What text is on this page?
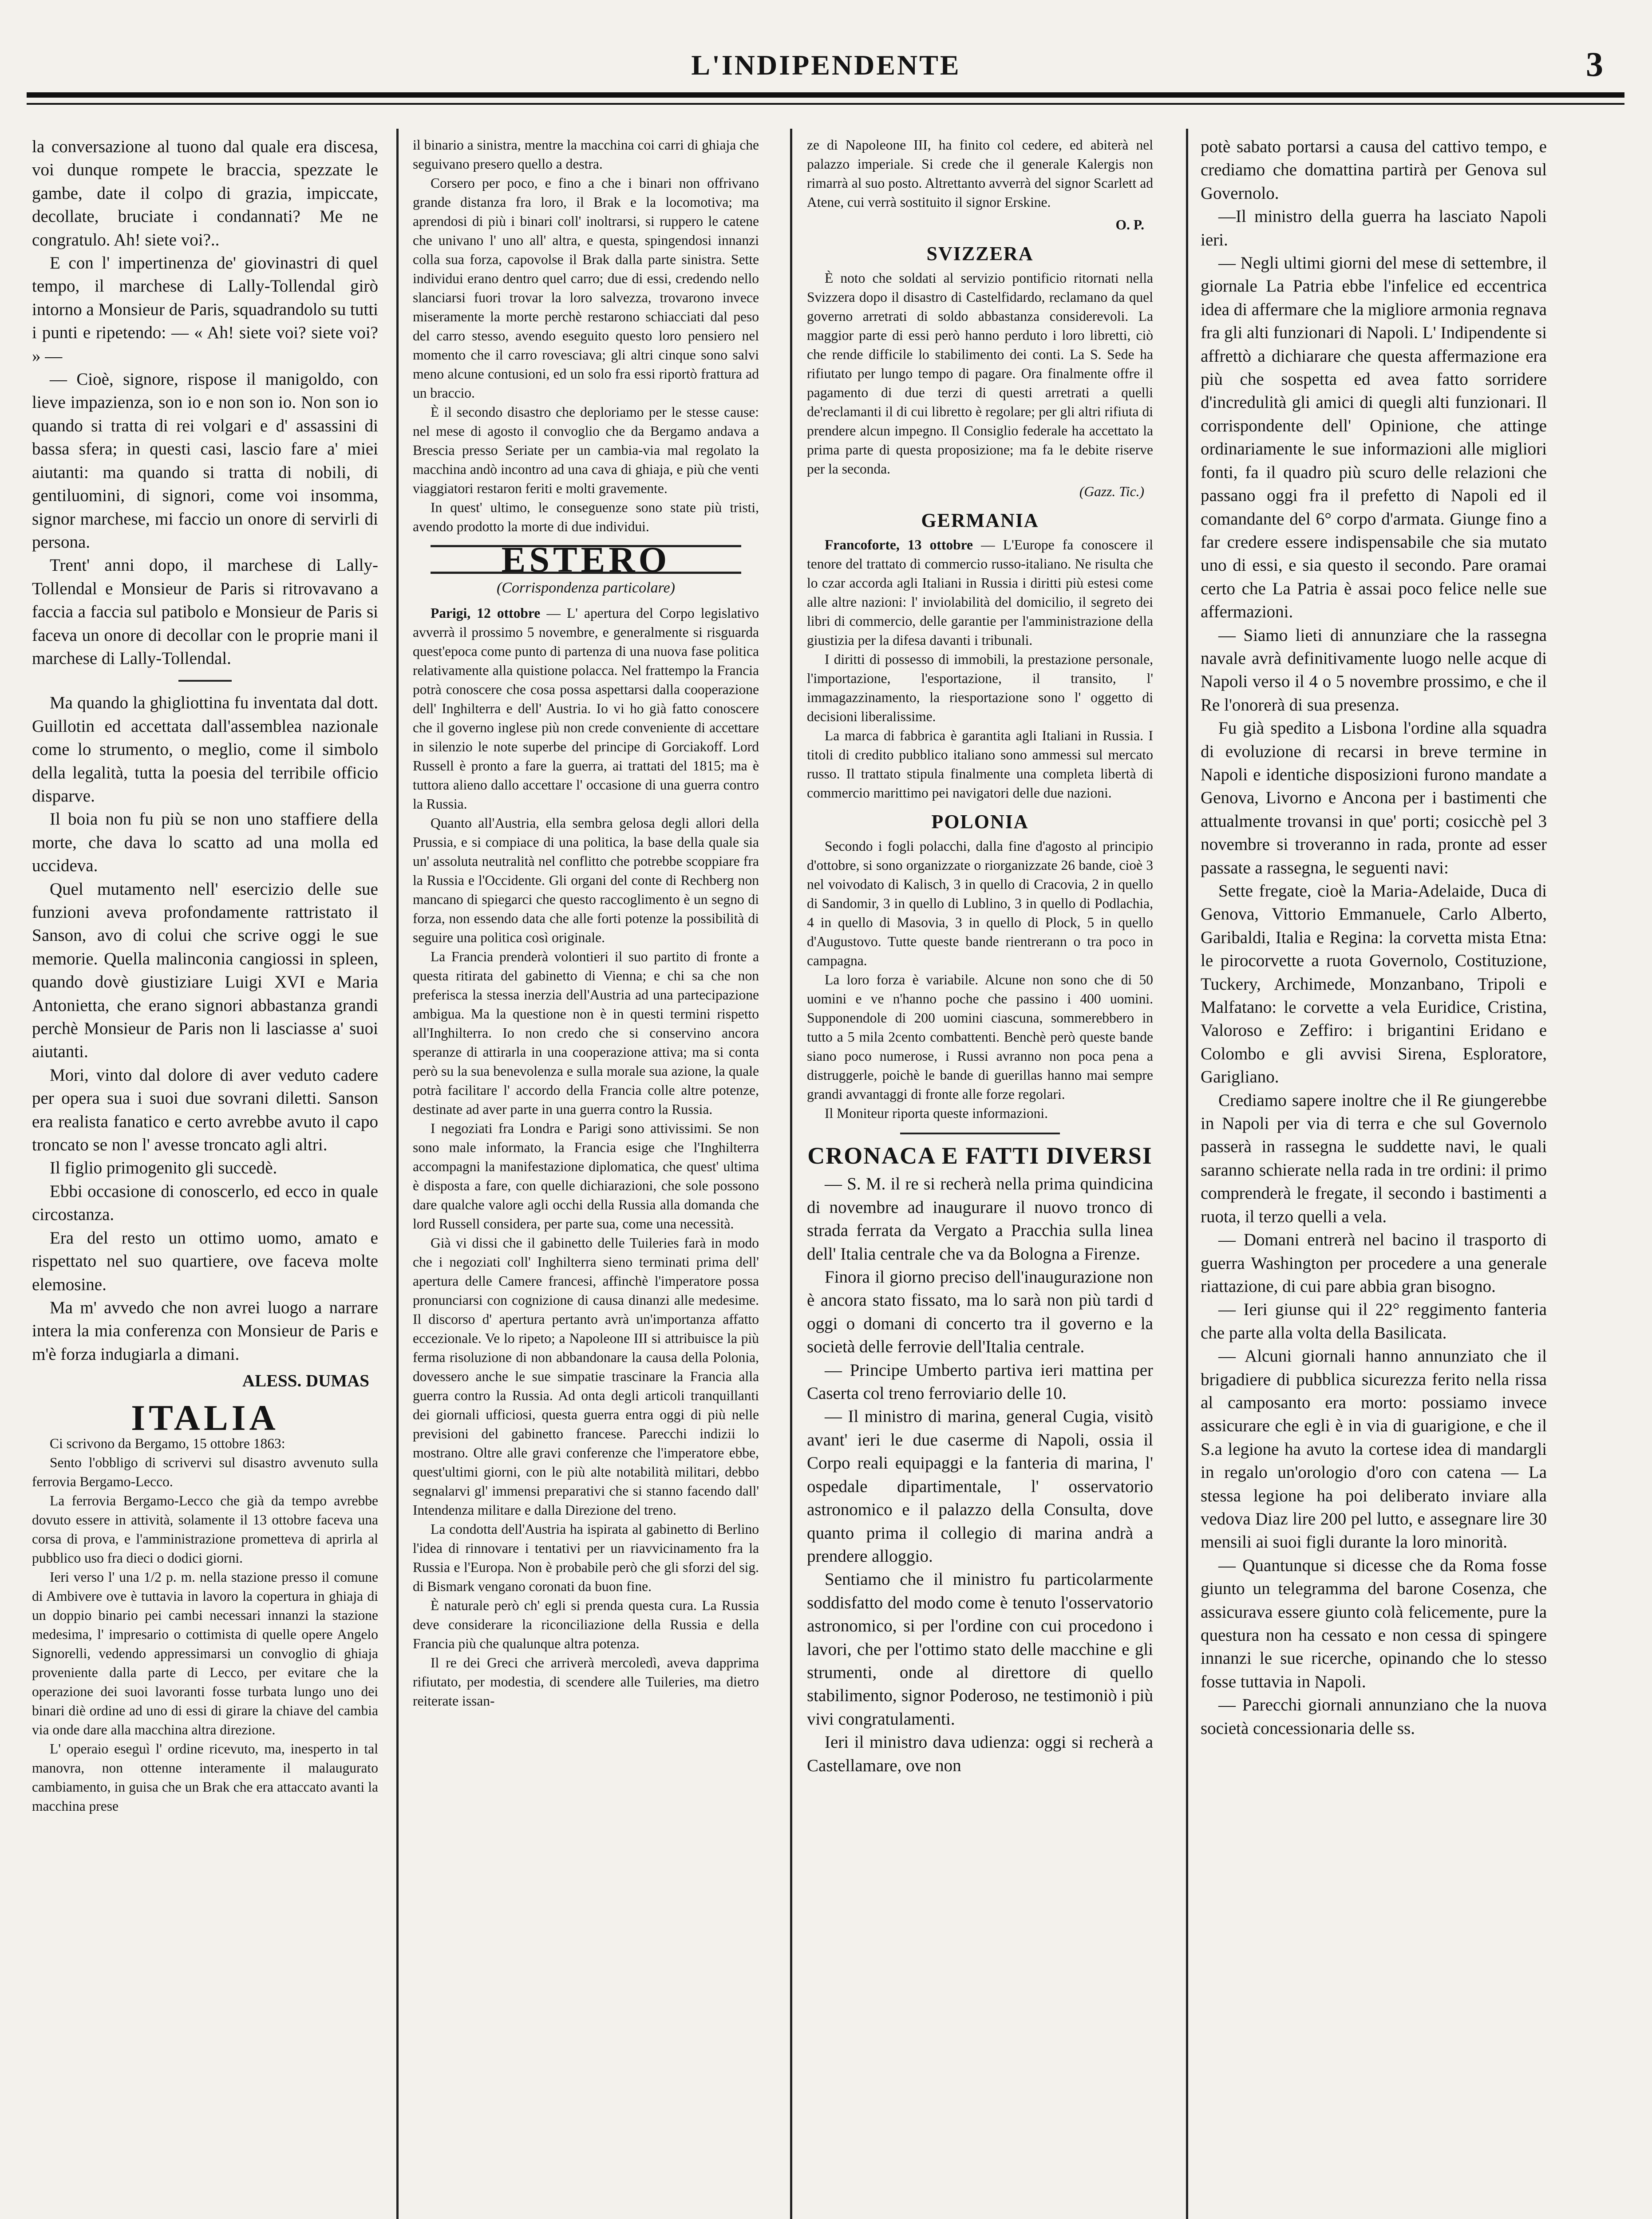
L'INDIPENDENTE	3

la conversazione al tuono dal quale era discesa, voi dunque rompete le braccia, spezzate le gambe, date il colpo di grazia, impiccate, decollate, bruciate i condannati? Me ne congratulo. Ah! siete voi?..

E con l' impertinenza de' giovinastri di quel tempo, il marchese di Lally-Tollendal girò intorno a Monsieur de Paris, squadrandolo su tutti i punti e ripetendo: — « Ah! siete voi? siete voi? » —

— Cioè, signore, rispose il manigoldo, con lieve impazienza, son io e non son io. Non son io quando si tratta di rei volgari e d' assassini di bassa sfera; in questi casi, lascio fare a' miei aiutanti: ma quando si tratta di nobili, di gentiluomini, di signori, come voi insomma, signor marchese, mi faccio un onore di servirli di persona.

Trent' anni dopo, il marchese di Lally-Tollendal e Monsieur de Paris si ritrovavano a faccia a faccia sul patibolo e Monsieur de Paris si faceva un onore di decollar con le proprie mani il marchese di Lally-Tollendal.

Ma quando la ghigliottina fu inventata dal dott. Guillotin ed accettata dall'assemblea nazionale come lo strumento, o meglio, come il simbolo della legalità, tutta la poesia del terribile officio disparve.

Il boia non fu più se non uno staffiere della morte, che dava lo scatto ad una molla ed uccideva.

Quel mutamento nell' esercizio delle sue funzioni aveva profondamente rattristato il Sanson, avo di colui che scrive oggi le sue memorie. Quella malinconia cangiossi in spleen, quando dovè giustiziare Luigi XVI e Maria Antonietta, che erano signori abbastanza grandi perchè Monsieur de Paris non li lasciasse a' suoi aiutanti.

Mori, vinto dal dolore di aver veduto cadere per opera sua i suoi due sovrani diletti. Sanson era realista fanatico e certo avrebbe avuto il capo troncato se non l' avesse troncato agli altri.

Il figlio primogenito gli succedè.

Ebbi occasione di conoscerlo, ed ecco in quale circostanza.

Era del resto un ottimo uomo, amato e rispettato nel suo quartiere, ove faceva molte elemosine.

Ma m' avvedo che non avrei luogo a narrare intera la mia conferenza con Monsieur de Paris e m'è forza indugiarla a dimani.

ALESS. DUMAS
ITALIA

Ci scrivono da Bergamo, 15 ottobre 1863:

Sento l'obbligo di scrivervi sul disastro avvenuto sulla ferrovia Bergamo-Lecco.

La ferrovia Bergamo-Lecco che già da tempo avrebbe dovuto essere in attività, solamente il 13 ottobre faceva una corsa di prova, e l'amministrazione prometteva di aprirla al pubblico uso fra dieci o dodici giorni.

Ieri verso l' una 1/2 p. m. nella stazione presso il comune di Ambivere ove è tuttavia in lavoro la copertura in ghiaja di un doppio binario pei cambi necessari innanzi la stazione medesima, l' impresario o cottimista di quelle opere Angelo Signorelli, vedendo appressimarsi un convoglio di ghiaja proveniente dalla parte di Lecco, per evitare che la operazione dei suoi lavoranti fosse turbata lungo uno dei binari diè ordine ad uno di essi di girare la chiave del cambia via onde dare alla macchina altra direzione.

L' operaio eseguì l' ordine ricevuto, ma, inesperto in tal manovra, non ottenne interamente il malaugurato cambiamento, in guisa che un Brak che era attaccato avanti la macchina prese

il binario a sinistra, mentre la macchina coi carri di ghiaja che seguivano presero quello a destra.

Corsero per poco, e fino a che i binari non offrivano grande distanza fra loro, il Brak e la locomotiva; ma aprendosi di più i binari coll' inoltrarsi, si ruppero le catene che univano l' uno all' altra, e questa, spingendosi innanzi colla sua forza, capovolse il Brak dalla parte sinistra. Sette individui erano dentro quel carro; due di essi, credendo nello slanciarsi fuori trovar la loro salvezza, trovarono invece miseramente la morte perchè restarono schiacciati dal peso del carro stesso, avendo eseguito questo loro pensiero nel momento che il carro rovesciava; gli altri cinque sono salvi meno alcune contusioni, ed un solo fra essi riportò frattura ad un braccio.

È il secondo disastro che deploriamo per le stesse cause: nel mese di agosto il convoglio che da Bergamo andava a Brescia presso Seriate per un cambia-via mal regolato la macchina andò incontro ad una cava di ghiaja, e più che venti viaggiatori restaron feriti e molti gravemente.

In quest' ultimo, le conseguenze sono state più tristi, avendo prodotto la morte di due individui.

ESTERO
(Corrispondenza particolare)

Parigi, 12 ottobre — L' apertura del Corpo legislativo avverrà il prossimo 5 novembre, e generalmente si risguarda quest'epoca come punto di partenza di una nuova fase politica relativamente alla quistione polacca. Nel frattempo la Francia potrà conoscere che cosa possa aspettarsi dalla cooperazione dell' Inghilterra e dell' Austria. Io vi ho già fatto conoscere che il governo inglese più non crede conveniente di accettare in silenzio le note superbe del principe di Gorciakoff. Lord Russell è pronto a fare la guerra, ai trattati del 1815; ma è tuttora alieno dallo accettare l' occasione di una guerra contro la Russia.

Quanto all'Austria, ella sembra gelosa degli allori della Prussia, e si compiace di una politica, la base della quale sia un' assoluta neutralità nel conflitto che potrebbe scoppiare fra la Russia e l'Occidente. Gli organi del conte di Rechberg non mancano di spiegarci che questo raccoglimento è un segno di forza, non essendo data che alle forti potenze la possibilità di seguire una politica così originale.

La Francia prenderà volontieri il suo partito di fronte a questa ritirata del gabinetto di Vienna; e chi sa che non preferisca la stessa inerzia dell'Austria ad una partecipazione ambigua. Ma la questione non è in questi termini rispetto all'Inghilterra. Io non credo che si conservino ancora speranze di attirarla in una cooperazione attiva; ma si conta però su la sua benevolenza e sulla morale sua azione, la quale potrà facilitare l' accordo della Francia colle altre potenze, destinate ad aver parte in una guerra contro la Russia.

I negoziati fra Londra e Parigi sono attivissimi. Se non sono male informato, la Francia esige che l'Inghilterra accompagni la manifestazione diplomatica, che quest' ultima è disposta a fare, con quelle dichiarazioni, che sole possono dare qualche valore agli occhi della Russia alla domanda che lord Russell considera, per parte sua, come una necessità.

Già vi dissi che il gabinetto delle Tuileries farà in modo che i negoziati coll' Inghilterra sieno terminati prima dell' apertura delle Camere francesi, affinchè l'imperatore possa pronunciarsi con cognizione di causa dinanzi alle medesime. Il discorso d' apertura pertanto avrà un'importanza affatto eccezionale. Ve lo ripeto; a Napoleone III si attribuisce la più ferma risoluzione di non abbandonare la causa della Polonia, dovessero anche le sue simpatie trascinare la Francia alla guerra contro la Russia. Ad onta degli articoli tranquillanti dei giornali ufficiosi, questa guerra entra oggi di più nelle previsioni del gabinetto francese. Parecchi indizii lo mostrano. Oltre alle gravi conferenze che l'imperatore ebbe, quest'ultimi giorni, con le più alte notabilità militari, debbo segnalarvi gl' immensi preparativi che si stanno facendo dall' Intendenza militare e dalla Direzione del treno.

La condotta dell'Austria ha ispirata al gabinetto di Berlino l'idea di rinnovare i tentativi per un riavvicinamento fra la Russia e l'Europa. Non è probabile però che gli sforzi del sig. di Bismark vengano coronati da buon fine.

È naturale però ch' egli si prenda questa cura. La Russia deve considerare la riconciliazione della Russia e della Francia più che qualunque altra potenza.

Il re dei Greci che arriverà mercoledì, aveva dapprima rifiutato, per modestia, di scendere alle Tuileries, ma dietro reiterate issan-

ze di Napoleone III, ha finito col cedere, ed abiterà nel palazzo imperiale. Si crede che il generale Kalergis non rimarrà al suo posto. Altrettanto avverrà del signor Scarlett ad Atene, cui verrà sostituito il signor Erskine.

O. P.
SVIZZERA

È noto che soldati al servizio pontificio ritornati nella Svizzera dopo il disastro di Castelfidardo, reclamano da quel governo arretrati di soldo abbastanza considerevoli. La maggior parte di essi però hanno perduto i loro libretti, ciò che rende difficile lo stabilimento dei conti. La S. Sede ha rifiutato per lungo tempo di pagare. Ora finalmente offre il pagamento di due terzi di questi arretrati a quelli de'reclamanti il di cui libretto è regolare; per gli altri rifiuta di prendere alcun impegno. Il Consiglio federale ha accettato la prima parte di questa proposizione; ma fa le debite riserve per la seconda.

(Gazz. Tic.)
GERMANIA

Francoforte, 13 ottobre — L'Europe fa conoscere il tenore del trattato di commercio russo-italiano. Ne risulta che lo czar accorda agli Italiani in Russia i diritti più estesi come alle altre nazioni: l' inviolabilità del domicilio, il segreto dei libri di commercio, delle garantie per l'amministrazione della giustizia per la difesa davanti i tribunali.

I diritti di possesso di immobili, la prestazione personale, l'importazione, l'esportazione, il transito, l' immagazzinamento, la riesportazione sono l' oggetto di decisioni liberalissime.

La marca di fabbrica è garantita agli Italiani in Russia. I titoli di credito pubblico italiano sono ammessi sul mercato russo. Il trattato stipula finalmente una completa libertà di commercio marittimo pei navigatori delle due nazioni.

POLONIA

Secondo i fogli polacchi, dalla fine d'agosto al principio d'ottobre, si sono organizzate o riorganizzate 26 bande, cioè 3 nel voivodato di Kalisch, 3 in quello di Cracovia, 2 in quello di Sandomir, 3 in quello di Lublino, 3 in quello di Podlachia, 4 in quello di Masovia, 3 in quello di Plock, 5 in quello d'Augustovo. Tutte queste bande rientrerann o tra poco in campagna.

La loro forza è variabile. Alcune non sono che di 50 uomini e ve n'hanno poche che passino i 400 uomini. Supponendole di 200 uomini ciascuna, sommerebbero in tutto a 5 mila 2cento combattenti. Benchè però queste bande siano poco numerose, i Russi avranno non poca pena a distruggerle, poichè le bande di guerillas hanno mai sempre grandi avvantaggi di fronte alle forze regolari.

Il Moniteur riporta queste informazioni.

CRONACA E FATTI DIVERSI

— S. M. il re si recherà nella prima quindicina di novembre ad inaugurare il nuovo tronco di strada ferrata da Vergato a Pracchia sulla linea dell' Italia centrale che va da Bologna a Firenze.

Finora il giorno preciso dell'inaugurazione non è ancora stato fissato, ma lo sarà non più tardi d oggi o domani di concerto tra il governo e la società delle ferrovie dell'Italia centrale.

— Principe Umberto partiva ieri mattina per Caserta col treno ferroviario delle 10.

— Il ministro di marina, general Cugia, visitò avant' ieri le due caserme di Napoli, ossia il Corpo reali equipaggi e la fanteria di marina, l' ospedale dipartimentale, l' osservatorio astronomico e il palazzo della Consulta, dove quanto prima il collegio di marina andrà a prendere alloggio.

Sentiamo che il ministro fu particolarmente soddisfatto del modo come è tenuto l'osservatorio astronomico, si per l'ordine con cui procedono i lavori, che per l'ottimo stato delle macchine e gli strumenti, onde al direttore di quello stabilimento, signor Poderoso, ne testimoniò i più vivi congratulamenti.

Ieri il ministro dava udienza: oggi si recherà a Castellamare, ove non

potè sabato portarsi a causa del cattivo tempo, e crediamo che domattina partirà per Genova sul Governolo.

—Il ministro della guerra ha lasciato Napoli ieri.

— Negli ultimi giorni del mese di settembre, il giornale La Patria ebbe l'infelice ed eccentrica idea di affermare che la migliore armonia regnava fra gli alti funzionari di Napoli. L' Indipendente si affrettò a dichiarare che questa affermazione era più che sospetta ed avea fatto sorridere d'incredulità gli amici di quegli alti funzionari. Il corrispondente dell' Opinione, che attinge ordinariamente le sue informazioni alle migliori fonti, fa il quadro più scuro delle relazioni che passano oggi fra il prefetto di Napoli ed il comandante del 6° corpo d'armata. Giunge fino a far credere essere indispensabile che sia mutato uno di essi, e sia questo il secondo. Pare oramai certo che La Patria è assai poco felice nelle sue affermazioni.

— Siamo lieti di annunziare che la rassegna navale avrà definitivamente luogo nelle acque di Napoli verso il 4 o 5 novembre prossimo, e che il Re l'onorerà di sua presenza.

Fu già spedito a Lisbona l'ordine alla squadra di evoluzione di recarsi in breve termine in Napoli e identiche disposizioni furono mandate a Genova, Livorno e Ancona per i bastimenti che attualmente trovansi in que' porti; cosicchè pel 3 novembre si troveranno in rada, pronte ad esser passate a rassegna, le seguenti navi:

Sette fregate, cioè la Maria-Adelaide, Duca di Genova, Vittorio Emmanuele, Carlo Alberto, Garibaldi, Italia e Regina: la corvetta mista Etna: le pirocorvette a ruota Governolo, Costituzione, Tuckery, Archimede, Monzanbano, Tripoli e Malfatano: le corvette a vela Euridice, Cristina, Valoroso e Zeffiro: i brigantini Eridano e Colombo e gli avvisi Sirena, Esploratore, Garigliano.

Crediamo sapere inoltre che il Re giungerebbe in Napoli per via di terra e che sul Governolo passerà in rassegna le suddette navi, le quali saranno schierate nella rada in tre ordini: il primo comprenderà le fregate, il secondo i bastimenti a ruota, il terzo quelli a vela.

— Domani entrerà nel bacino il trasporto di guerra Washington per procedere a una generale riattazione, di cui pare abbia gran bisogno.

— Ieri giunse qui il 22° reggimento fanteria che parte alla volta della Basilicata.

— Alcuni giornali hanno annunziato che il brigadiere di pubblica sicurezza ferito nella rissa al camposanto era morto: possiamo invece assicurare che egli è in via di guarigione, e che il S.a legione ha avuto la cortese idea di mandargli in regalo un'orologio d'oro con catena — La stessa legione ha poi deliberato inviare alla vedova Diaz lire 200 pel lutto, e assegnare lire 30 mensili ai suoi figli durante la loro minorità.

— Quantunque si dicesse che da Roma fosse giunto un telegramma del barone Cosenza, che assicurava essere giunto colà felicemente, pure la questura non ha cessato e non cessa di spingere innanzi le sue ricerche, opinando che lo stesso fosse tuttavia in Napoli.

— Parecchi giornali annunziano che la nuova società concessionaria delle ss.
